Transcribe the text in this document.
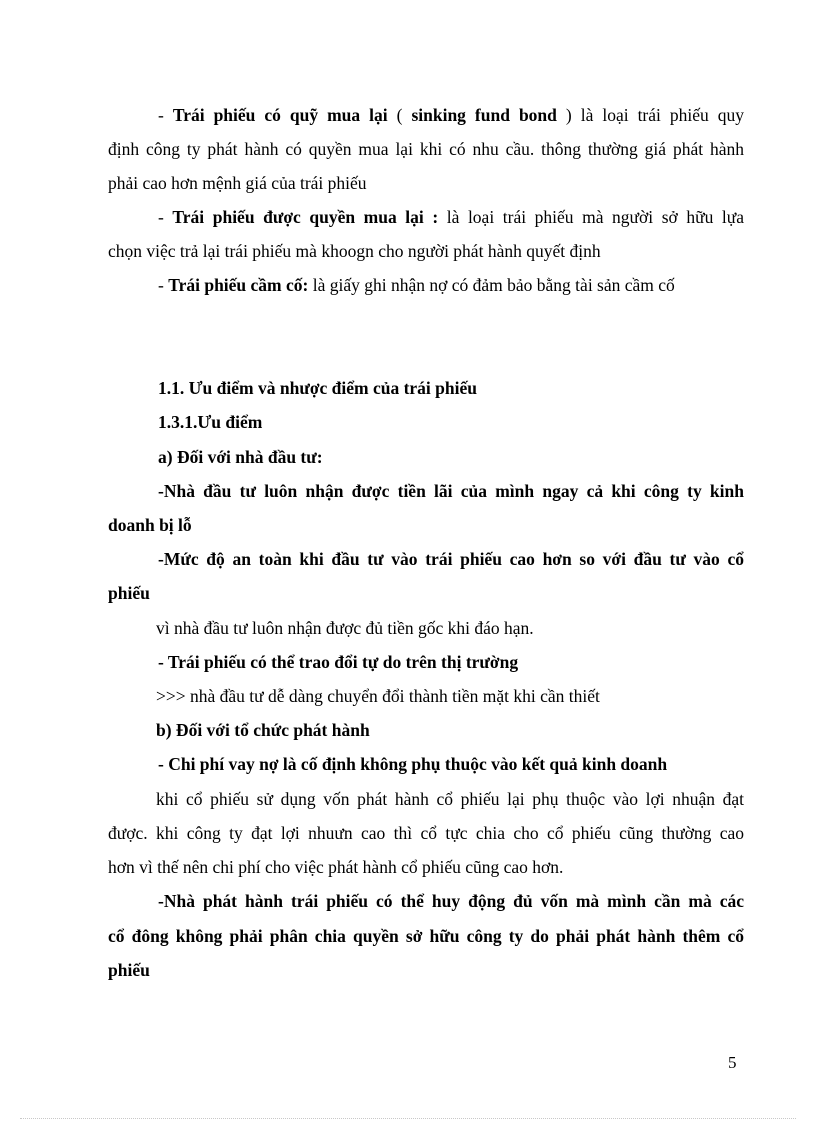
- Trái phiếu có quỹ mua lại ( sinking fund bond ) là loại trái phiếu quy
định công ty phát hành có quyền mua lại khi có nhu cầu. thông thường giá phát hành
phải cao hơn mệnh giá của trái phiếu
- Trái phiếu được quyền mua lại : là loại trái phiếu mà người sở hữu lựa
chọn việc trả lại trái phiếu mà khoogn cho người phát hành quyết định
- Trái phiếu cầm cố: là giấy ghi nhận nợ có đảm bảo bằng tài sản cầm cố
1.1. Ưu điểm và nhược điểm của trái phiếu
1.3.1.Ưu điểm
a) Đối với nhà đầu tư:
-Nhà đầu tư luôn nhận được tiền lãi của mình ngay cả khi công ty kinh
doanh bị lỗ
-Mức độ an toàn khi đầu tư vào trái phiếu cao hơn so với đầu tư vào cổ
phiếu
vì nhà đầu tư luôn nhận được đủ tiền gốc khi đáo hạn.
- Trái phiếu có thể trao đổi tự do trên thị trường
>>> nhà đầu tư dễ dàng chuyển đổi thành tiền mặt khi cần thiết
b) Đối với tổ chức phát hành
- Chi phí vay nợ là cố định không phụ thuộc vào kết quả kinh doanh
khi cổ phiếu sử dụng vốn phát hành cổ phiếu lại phụ thuộc vào lợi nhuận đạt
được. khi công ty đạt lợi nhuưn cao thì cổ tực chia cho cổ phiếu cũng thường cao
hơn vì thế nên chi phí cho việc phát hành cổ phiếu cũng cao hơn.
-Nhà phát hành trái phiếu có thể huy động đủ vốn mà mình cần mà các
cổ đông không phải phân chia quyền sở hữu công ty do phải phát hành thêm cổ
phiếu
5
